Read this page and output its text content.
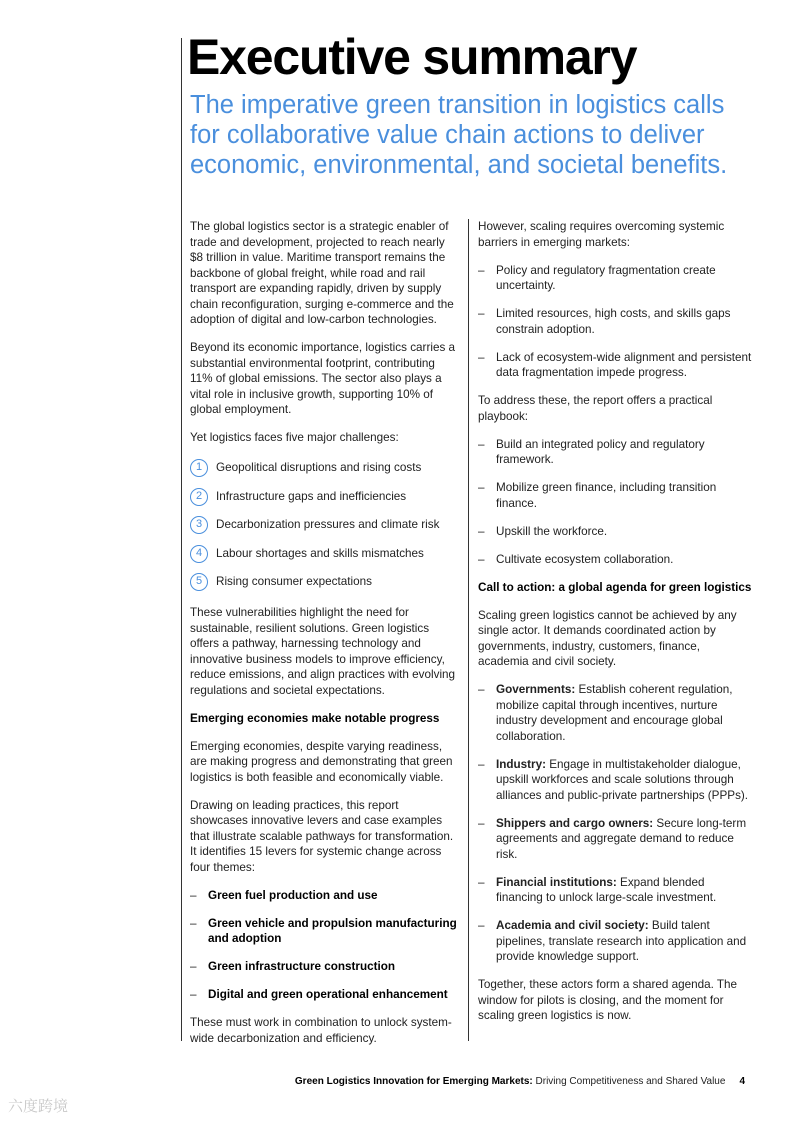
Executive summary
The imperative green transition in logistics calls for collaborative value chain actions to deliver economic, environmental, and societal benefits.

The global logistics sector is a strategic enabler of trade and development, projected to reach nearly $8 trillion in value. Maritime transport remains the backbone of global freight, while road and rail transport are expanding rapidly, driven by supply chain reconfiguration, surging e-commerce and the adoption of digital and low-carbon technologies.

Beyond its economic importance, logistics carries a substantial environmental footprint, contributing 11% of global emissions. The sector also plays a vital role in inclusive growth, supporting 10% of global employment.

Yet logistics faces five major challenges:

1	Geopolitical disruptions and rising costs
2	Infrastructure gaps and inefficiencies
3	Decarbonization pressures and climate risk
4	Labour shortages and skills mismatches
5	Rising consumer expectations

These vulnerabilities highlight the need for sustainable, resilient solutions. Green logistics offers a pathway, harnessing technology and innovative business models to improve efficiency, reduce emissions, and align practices with evolving regulations and societal expectations.

Emerging economies make notable progress

Emerging economies, despite varying readiness, are making progress and demonstrating that green logistics is both feasible and economically viable.

Drawing on leading practices, this report showcases innovative levers and case examples that illustrate scalable pathways for transformation. It identifies 15 levers for systemic change across four themes:

– Green fuel production and use
– Green vehicle and propulsion manufacturing and adoption
– Green infrastructure construction
– Digital and green operational enhancement

These must work in combination to unlock system-wide decarbonization and efficiency.

However, scaling requires overcoming systemic barriers in emerging markets:

– Policy and regulatory fragmentation create uncertainty.
– Limited resources, high costs, and skills gaps constrain adoption.
– Lack of ecosystem-wide alignment and persistent data fragmentation impede progress.

To address these, the report offers a practical playbook:

– Build an integrated policy and regulatory framework.
– Mobilize green finance, including transition finance.
– Upskill the workforce.
– Cultivate ecosystem collaboration.
Call to action: a global agenda for green logistics

Scaling green logistics cannot be achieved by any single actor. It demands coordinated action by governments, industry, customers, finance, academia and civil society.

– Governments: Establish coherent regulation, mobilize capital through incentives, nurture industry development and encourage global collaboration.
– Industry: Engage in multistakeholder dialogue, upskill workforces and scale solutions through alliances and public-private partnerships (PPPs).
– Shippers and cargo owners: Secure long-term agreements and aggregate demand to reduce risk.
– Financial institutions: Expand blended financing to unlock large-scale investment.
– Academia and civil society: Build talent pipelines, translate research into application and provide knowledge support.

Together, these actors form a shared agenda. The window for pilots is closing, and the moment for scaling green logistics is now.

Green Logistics Innovation for Emerging Markets: Driving Competitiveness and Shared Value 4
六度跨境
